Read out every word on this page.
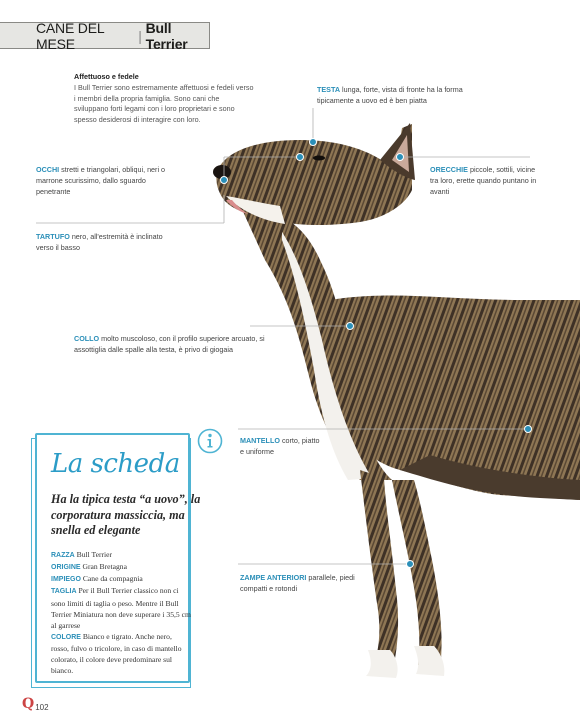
CANE DEL MESE	| Bull Terrier
Affettuoso e fedele
I Bull Terrier sono estremamente affettuosi e fedeli verso i membri della propria famiglia. Sono cani che sviluppano forti legami con i loro proprietari e sono spesso desiderosi di interagire con loro.
TESTA lunga, forte, vista di fronte ha la forma tipicamente a uovo ed è ben piatta
OCCHI stretti e triangolari, obliqui, neri o marrone scurissimo, dallo sguardo penetrante
ORECCHIE piccole, sottili, vicine tra loro, erette quando puntano in avanti
TARTUFO nero, all'estremità è inclinato verso il basso
COLLO molto muscoloso, con il profilo superiore arcuato, si assottiglia dalle spalle alla testa, è privo di giogaia
MANTELLO corto, piatto e uniforme
ZAMPE ANTERIORI parallele, piedi compatti e rotondi
La scheda
Ha la tipica testa “a uovo”, la corporatura massiccia, ma snella ed elegante
RAZZA Bull Terrier
ORIGINE Gran Bretagna
IMPIEGO Cane da compagnia
TAGLIA Per il Bull Terrier classico non ci sono limiti di taglia o peso. Mentre il Bull Terrier Miniatura non deve superare i 35,5 cm al garrese
COLORE Bianco e tigrato. Anche nero, rosso, fulvo o tricolore, in caso di mantello colorato, il colore deve predominare sul bianco.
Q 102
